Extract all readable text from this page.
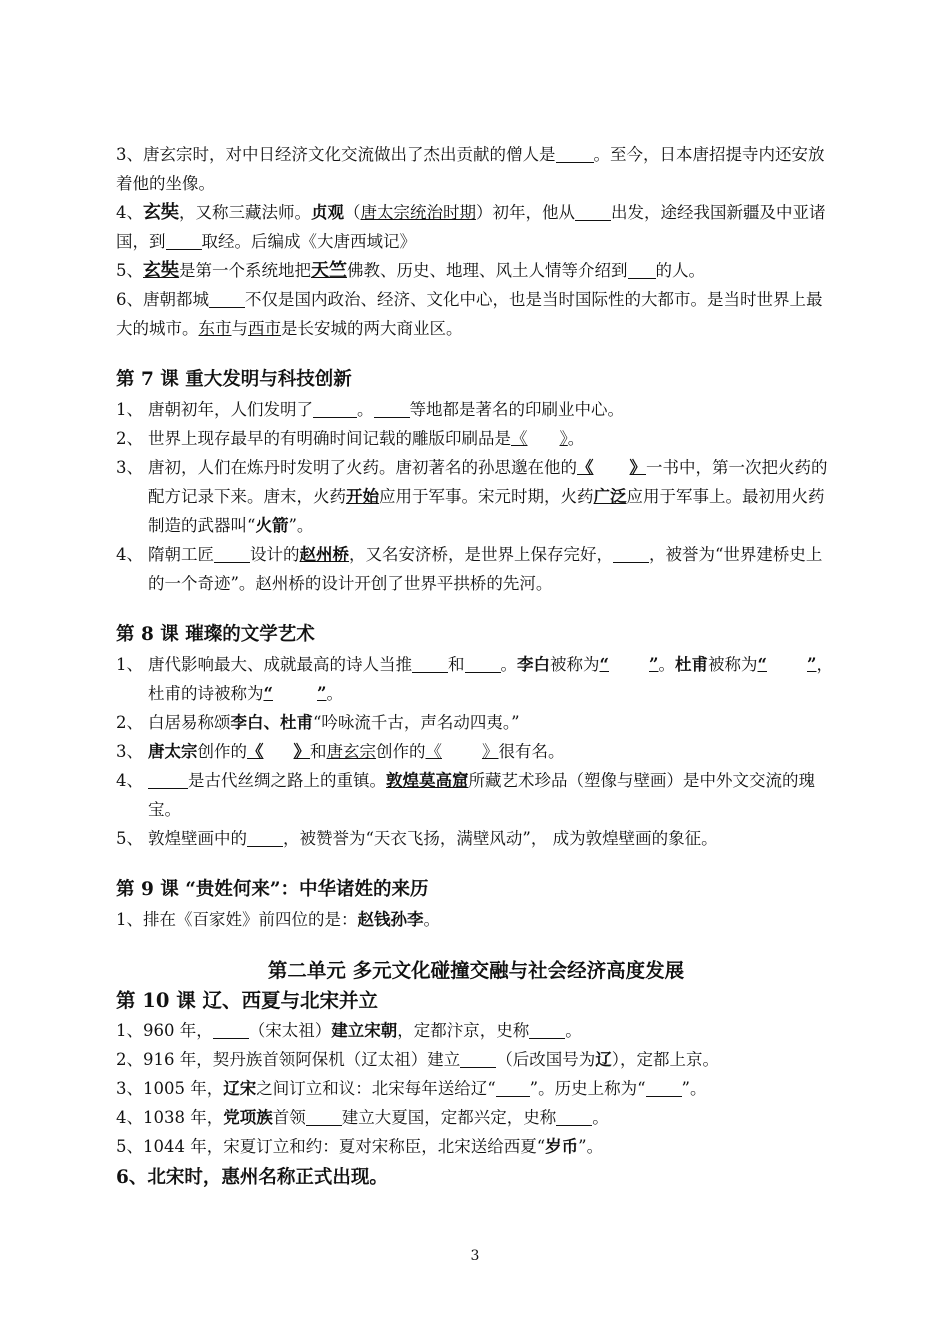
3、唐玄宗时，对中日经济文化交流做出了杰出贡献的僧人是 。至今，日本唐招提寺内还安放着他的坐像。

4、玄奘，又称三藏法师。贞观（唐太宗统治时期）初年，他从 出发，途经我国新疆及中亚诸国，到 取经。后编成《大唐西域记》

5、玄奘是第一个系统地把天竺佛教、历史、地理、风土人情等介绍到 的人。

6、唐朝都城 不仅是国内政治、经济、文化中心，也是当时国际性的大都市。是当时世界上最大的城市。东市与西市是长安城的两大商业区。

第 7 课 重大发明与科技创新

1、 唐朝初年，人们发明了	。 等地都是著名的印刷业中心。
2、 世界上现存最早的有明确时间记载的雕版印刷品是《 》。
3、 唐初，人们在炼丹时发明了火药。唐初著名的孙思邈在他的《 》一书中，第一次把火药的配方记录下来。唐末，火药开始应用于军事。宋元时期，火药广泛应用于军事上。最初用火药制造的武器叫“火箭”。
4、 隋朝工匠 设计的赵州桥，又名安济桥，是世界上保存完好， ，被誉为“世界建桥史上的一个奇迹”。赵州桥的设计开创了世界平拱桥的先河。

第 8 课 璀璨的文学艺术

1、 唐代影响最大、成就最高的诗人当推 和 。李白被称为“ ”。杜甫被称为“ ”，杜甫的诗被称为“	”。
2、 白居易称颂李白、杜甫“吟咏流千古，声名动四夷。”
3、 唐太宗创作的《 》和唐玄宗创作的《 》很有名。
4、	是古代丝绸之路上的重镇。敦煌莫高窟所藏艺术珍品（塑像与壁画）是中外文交流的瑰宝。
5、 敦煌壁画中的 ，被赞誉为“天衣飞扬，满壁风动”， 成为敦煌壁画的象征。

第 9 课 “贵姓何来”：中华诸姓的来历

1、排在《百家姓》前四位的是：赵钱孙李。

第二单元 多元文化碰撞交融与社会经济高度发展

第 10 课 辽、西夏与北宋并立

1、960 年， （宋太祖）建立宋朝，定都汴京，史称 。

2、916 年，契丹族首领阿保机（辽太祖）建立 （后改国号为辽），定都上京。

3、1005 年，辽宋之间订立和议：北宋每年送给辽“ ”。历史上称为“ ”。

4、1038 年，党项族首领 建立大夏国，定都兴定，史称 。

5、1044 年，宋夏订立和约：夏对宋称臣，北宋送给西夏“岁币”。

6、北宋时，惠州名称正式出现。

3
